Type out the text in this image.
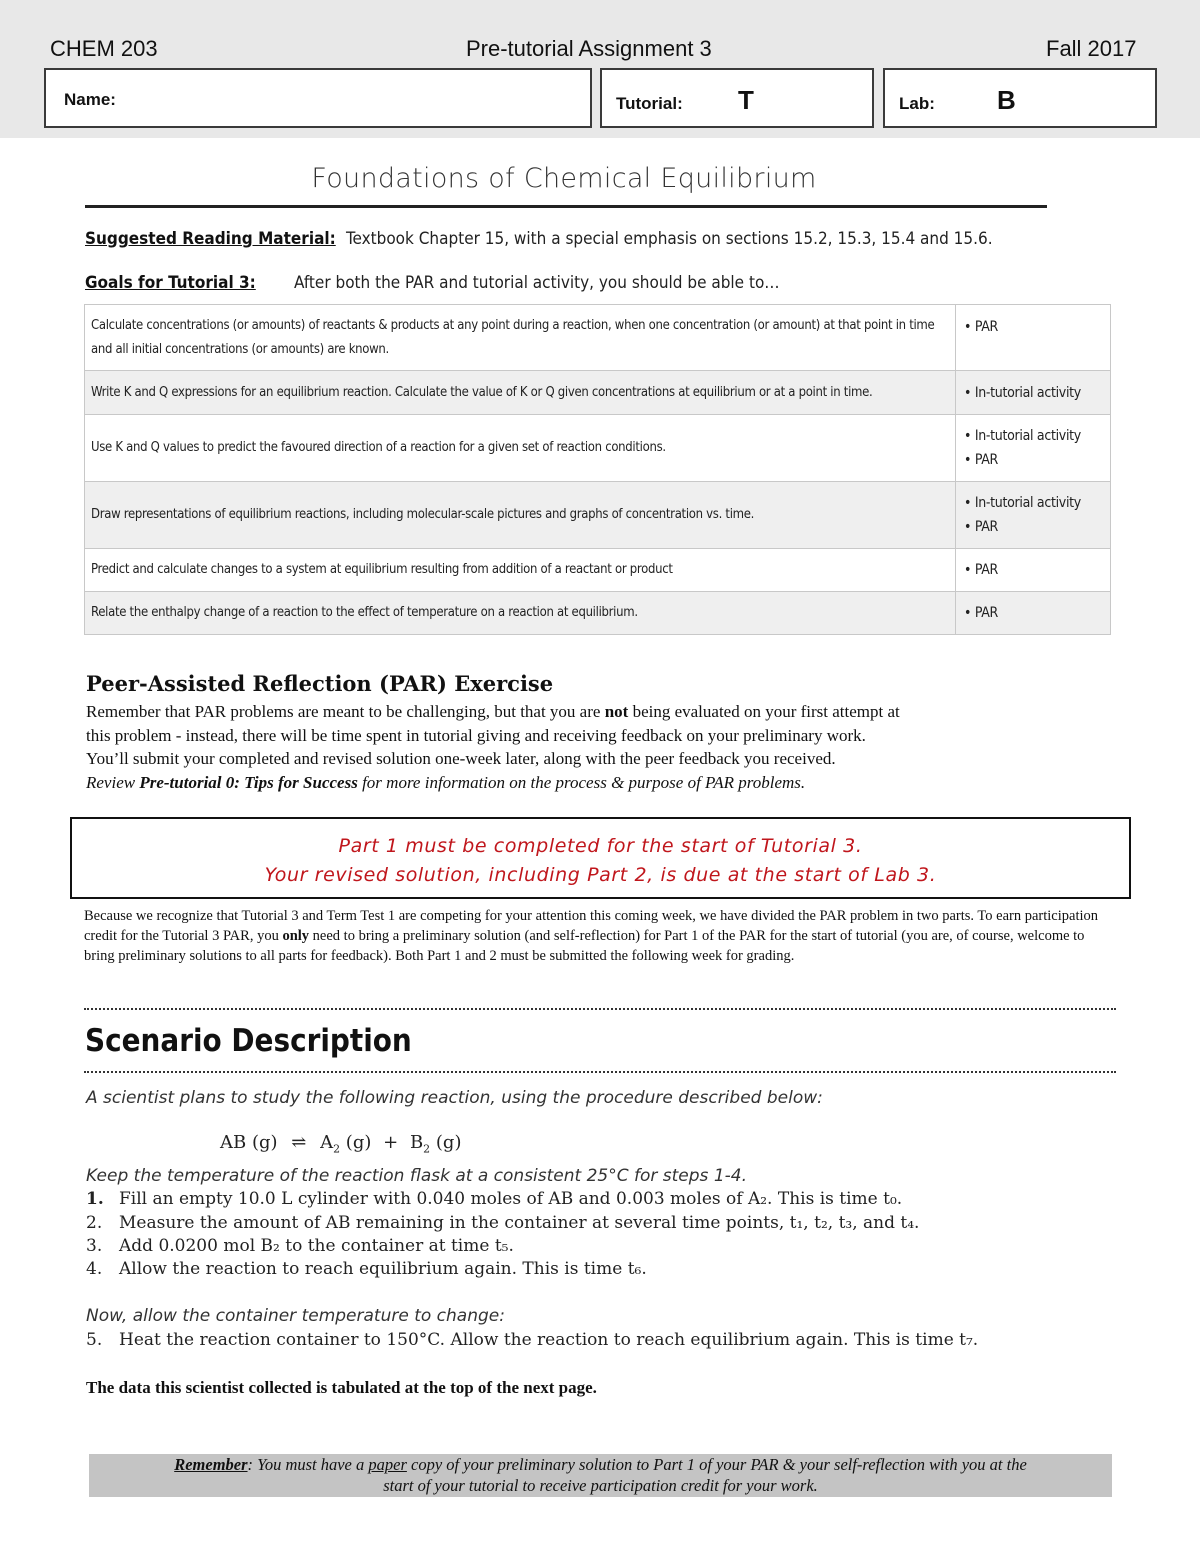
CHEM 203	Pre-tutorial Assignment 3	Fall 2017
Name:	Tutorial: T	Lab: B
Foundations of Chemical Equilibrium
Suggested Reading Material: Textbook Chapter 15, with a special emphasis on sections 15.2, 15.3, 15.4 and 15.6.
Goals for Tutorial 3: After both the PAR and tutorial activity, you should be able to…
Calculate concentrations (or amounts) of reactants & products at any point during a reaction, when one concentration (or amount) at that point in time and all initial concentrations (or amounts) are known.	• PAR

Write K and Q expressions for an equilibrium reaction. Calculate the value of K or Q given concentrations at equilibrium or at a point in time.	• In-tutorial activity

Use K and Q values to predict the favoured direction of a reaction for a given set of reaction conditions.	• In-tutorial activity
• PAR

Draw representations of equilibrium reactions, including molecular-scale pictures and graphs of concentration vs. time.	• In-tutorial activity
• PAR

Predict and calculate changes to a system at equilibrium resulting from addition of a reactant or product	• PAR

Relate the enthalpy change of a reaction to the effect of temperature on a reaction at equilibrium.	• PAR
Peer-Assisted Reflection (PAR) Exercise
Remember that PAR problems are meant to be challenging, but that you are not being evaluated on your first attempt at
this problem - instead, there will be time spent in tutorial giving and receiving feedback on your preliminary work.
You’ll submit your completed and revised solution one-week later, along with the peer feedback you received.
Review Pre-tutorial 0: Tips for Success for more information on the process & purpose of PAR problems.
Part 1 must be completed for the start of Tutorial 3.
Your revised solution, including Part 2, is due at the start of Lab 3.
Because we recognize that Tutorial 3 and Term Test 1 are competing for your attention this coming week, we have divided the PAR problem in two parts. To earn participation credit for the Tutorial 3 PAR, you only need to bring a preliminary solution (and self-reflection) for Part 1 of the PAR for the start of tutorial (you are, of course, welcome to bring preliminary solutions to all parts for feedback). Both Part 1 and 2 must be submitted the following week for grading.
Scenario Description
A scientist plans to study the following reaction, using the procedure described below:
AB (g) ⇌ $A_2$ $(g) + B_2$ (g)
Keep the temperature of the reaction flask at a consistent 25°C for steps 1-4.
1. Fill an empty 10.0 L cylinder with 0.040 moles of AB and 0.003 moles of A₂. This is time t₀.
2. Measure the amount of AB remaining in the container at several time points, t₁, t₂, t₃, and t₄.
3. Add 0.0200 mol B₂ to the container at time t₅.
4. Allow the reaction to reach equilibrium again. This is time t₆.
Now, allow the container temperature to change:
5. Heat the reaction container to 150°C. Allow the reaction to reach equilibrium again. This is time t₇.
The data this scientist collected is tabulated at the top of the next page.
Remember: You must have a paper copy of your preliminary solution to Part 1 of your PAR & your self-reflection with you at the
start of your tutorial to receive participation credit for your work.
